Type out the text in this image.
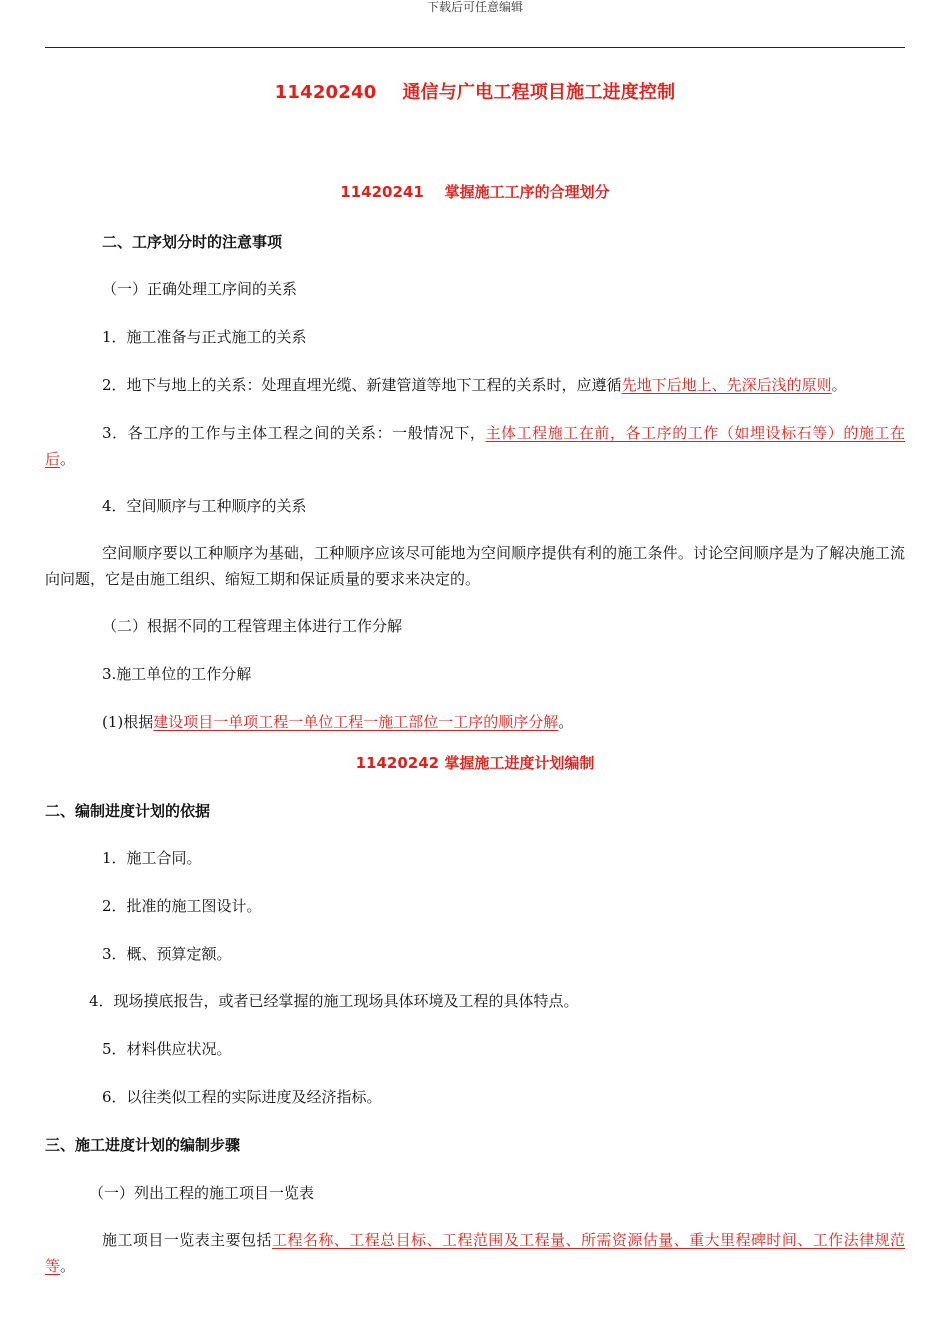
下载后可任意编辑
11420240    通信与广电工程项目施工进度控制
11420241    掌握施工工序的合理划分
二、工序划分时的注意事项
（一）正确处理工序间的关系
1．施工准备与正式施工的关系
2．地下与地上的关系：处理直埋光缆、新建管道等地下工程的关系时，应遵循先地下后地上、先深后浅的原则。
3．各工序的工作与主体工程之间的关系：一般情况下，主体工程施工在前，各工序的工作（如埋设标石等）的施工在后。
4．空间顺序与工种顺序的关系
空间顺序要以工种顺序为基础，工种顺序应该尽可能地为空间顺序提供有利的施工条件。讨论空间顺序是为了解决施工流向问题，它是由施工组织、缩短工期和保证质量的要求来决定的。
（二）根据不同的工程管理主体进行工作分解
3.施工单位的工作分解
(1)根据建设项目一单项工程一单位工程一施工部位一工序的顺序分解。
11420242 掌握施工进度计划编制
二、编制进度计划的依据
1．施工合同。
2．批准的施工图设计。
3．概、预算定额。
4．现场摸底报告，或者已经掌握的施工现场具体环境及工程的具体特点。
5．材料供应状况。
6．以往类似工程的实际进度及经济指标。
三、施工进度计划的编制步骤
（一）列出工程的施工项目一览表
施工项目一览表主要包括工程名称、工程总目标、工程范围及工程量、所需资源估量、重大里程碑时间、工作法律规范等。
